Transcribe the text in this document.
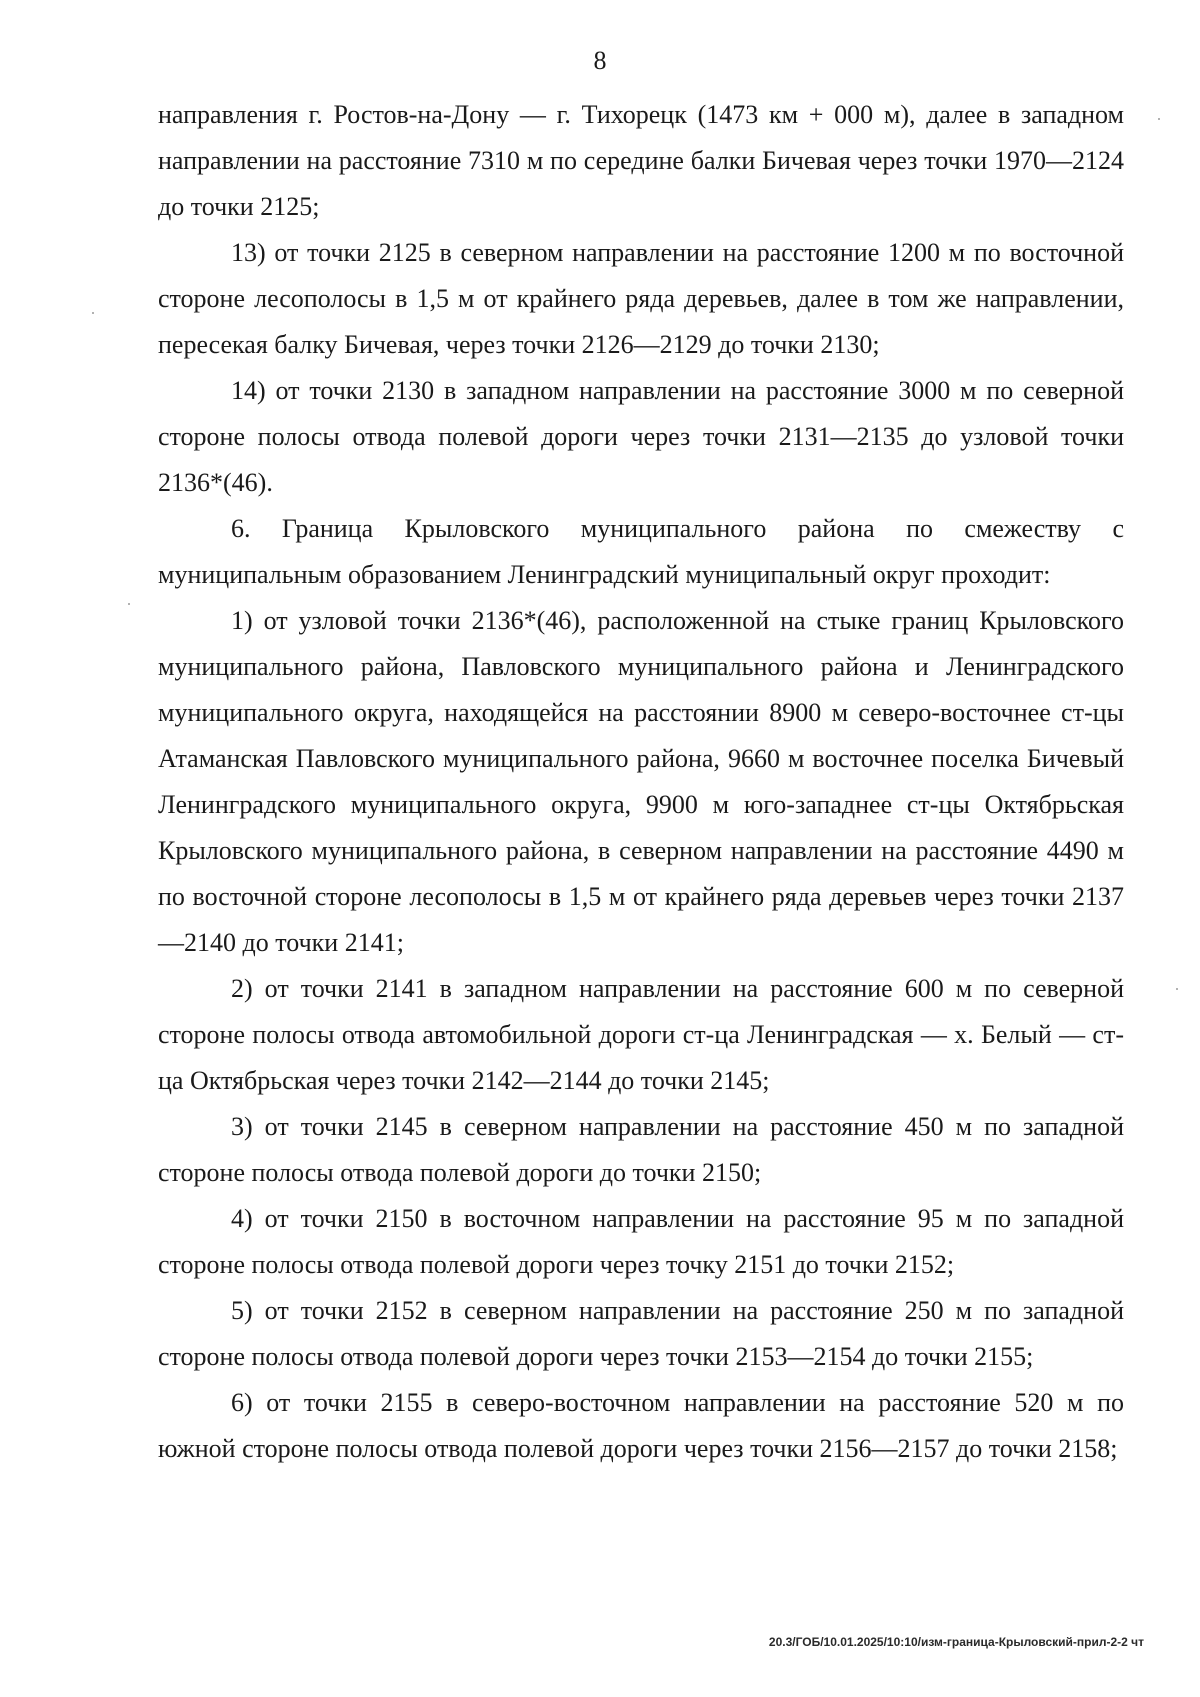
8

направления г. Ростов-на-Дону — г. Тихорецк (1473 км + 000 м), далее в западном направлении на расстояние 7310 м по середине балки Бичевая через точки 1970—2124 до точки 2125;

13) от точки 2125 в северном направлении на расстояние 1200 м по восточной стороне лесополосы в 1,5 м от крайнего ряда деревьев, далее в том же направлении, пересекая балку Бичевая, через точки 2126—2129 до точки 2130;

14) от точки 2130 в западном направлении на расстояние 3000 м по северной стороне полосы отвода полевой дороги через точки 2131—2135 до узловой точки 2136*(46).

6. Граница Крыловского муниципального района по смежеству с муниципальным образованием Ленинградский муниципальный округ проходит:

1) от узловой точки 2136*(46), расположенной на стыке границ Крыловского муниципального района, Павловского муниципального района и Ленинградского муниципального округа, находящейся на расстоянии 8900 м северо-восточнее ст-цы Атаманская Павловского муниципального района, 9660 м восточнее поселка Бичевый Ленинградского муниципального округа, 9900 м юго-западнее ст-цы Октябрьская Крыловского муниципального района, в северном направлении на расстояние 4490 м по восточной стороне лесополосы в 1,5 м от крайнего ряда деревьев через точки 2137—2140 до точки 2141;

2) от точки 2141 в западном направлении на расстояние 600 м по северной стороне полосы отвода автомобильной дороги ст-ца Ленинградская — х. Белый — ст-ца Октябрьская через точки 2142—2144 до точки 2145;

3) от точки 2145 в северном направлении на расстояние 450 м по западной стороне полосы отвода полевой дороги до точки 2150;

4) от точки 2150 в восточном направлении на расстояние 95 м по западной стороне полосы отвода полевой дороги через точку 2151 до точки 2152;

5) от точки 2152 в северном направлении на расстояние 250 м по западной стороне полосы отвода полевой дороги через точки 2153—2154 до точки 2155;

6) от точки 2155 в северо-восточном направлении на расстояние 520 м по южной стороне полосы отвода полевой дороги через точки 2156—2157 до точки 2158;

20.3/ГОБ/10.01.2025/10:10/изм-граница-Крыловский-прил-2-2 чт
